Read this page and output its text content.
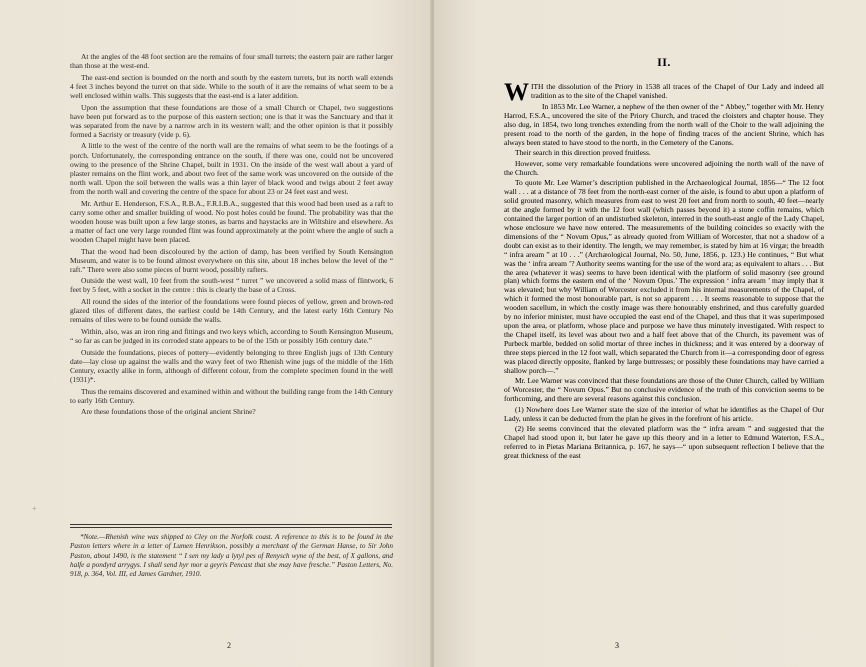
At the angles of the 48 foot section are the remains of four small turrets; the eastern pair are rather larger than those at the west-end.

The east-end section is bounded on the north and south by the eastern turrets, but its north wall extends 4 feet 3 inches beyond the turret on that side. While to the south of it are the remains of what seem to be a well enclosed within walls. This suggests that the east-end is a later addition.

Upon the assumption that these foundations are those of a small Church or Chapel, two suggestions have been put forward as to the purpose of this eastern section; one is that it was the Sanctuary and that it was separated from the nave by a narrow arch in its western wall; and the other opinion is that it possibly formed a Sacristy or treasury (vide p. 6).

A little to the west of the centre of the north wall are the remains of what seem to be the footings of a porch. Unfortunately, the corresponding entrance on the south, if there was one, could not be uncovered owing to the presence of the Shrine Chapel, built in 1931. On the inside of the west wall about a yard of plaster remains on the flint work, and about two feet of the same work was uncovered on the outside of the north wall. Upon the soil between the walls was a thin layer of black wood and twigs about 2 feet away from the north wall and covering the centre of the space for about 23 or 24 feet east and west.

Mr. Arthur E. Henderson, F.S.A., R.B.A., F.R.I.B.A., suggested that this wood had been used as a raft to carry some other and smaller building of wood. No post holes could be found. The probability was that the wooden house was built upon a few large stones, as barns and haystacks are in Wiltshire and elsewhere. As a matter of fact one very large rounded flint was found approximately at the point where the angle of such a wooden Chapel might have been placed.

That the wood had been discoloured by the action of damp, has been verified by South Kensington Museum, and water is to be found almost everywhere on this site, about 18 inches below the level of the “ raft.” There were also some pieces of burnt wood, possibly rafters.

Outside the west wall, 10 feet from the south-west “ turret ” we uncovered a solid mass of flintwork, 6 feet by 5 feet, with a socket in the centre : this is clearly the base of a Cross.

All round the sides of the interior of the foundations were found pieces of yellow, green and brown-red glazed tiles of different dates, the earliest could be 14th Century, and the latest early 16th Century No remains of tiles were to be found outside the walls.

Within, also, was an iron ring and fittings and two keys which, according to South Kensington Museum, “ so far as can be judged in its corroded state appears to be of the 15th or possibly 16th century date.”

Outside the foundations, pieces of pottery—evidently belonging to three English jugs of 13th Century date—lay close up against the walls and the wavy feet of two Rhenish wine jugs of the middle of the 16th Century, exactly alike in form, although of different colour, from the complete specimen found in the well (1931)*.

Thus the remains discovered and examined within and without the building range from the 14th Century to early 16th Century.

Are these foundations those of the original ancient Shrine?

*Note.—Rhenish wine was shipped to Cley on the Norfolk coast. A reference to this is to be found in the Paston letters where in a letter of Lumen Henrikson, possibly a merchant of the German Hanse, to Sir John Paston, about 1490, is the statement “ I sen my lady a lytyl pes of Renysch wyne of the best, of X gallons, and halfe a pondyrd arrygys. I shall send hyr mor a geyris Pencast that she may have fresche.” Paston Letters, No. 918, p. 364, Vol. III, ed James Gardner, 1910.
+
2
II.

WITH the dissolution of the Priory in 1538 all traces of the Chapel of Our Lady and indeed all tradition as to the site of the Chapel vanished.

In 1853 Mr. Lee Warner, a nephew of the then owner of the “ Abbey,” together with Mr. Henry Harrod, F.S.A., uncovered the site of the Priory Church, and traced the cloisters and chapter house. They also dug, in 1854, two long trenches extending from the north wall of the Choir to the wall adjoining the present road to the north of the garden, in the hope of finding traces of the ancient Shrine, which has always been stated to have stood to the north, in the Cemetery of the Canons.

Their search in this direction proved fruitless.

However, some very remarkable foundations were uncovered adjoining the north wall of the nave of the Church.

To quote Mr. Lee Warner’s description published in the Archaeological Journal, 1856—“ The 12 foot wall . . . at a distance of 78 feet from the north-east corner of the aisle, is found to abut upon a platform of solid grouted masonry, which measures from east to west 20 feet and from north to south, 40 feet—nearly at the angle formed by it with the 12 foot wall (which passes beyond it) a stone coffin remains, which contained the larger portion of an undisturbed skeleton, interred in the south-east angle of the Lady Chapel, whose enclosure we have now entered. The measurements of the building coincides so exactly with the dimensions of the “ Novum Opus,” as already quoted from William of Worcester, that not a shadow of a doubt can exist as to their identity. The length, we may remember, is stated by him at 16 virgæ; the breadth “ infra aream ” at 10 . . .” (Archæological Journal, No. 50, June, 1856, p. 123.) He continues, “ But what was the ‘ infra aream ’? Authority seems wanting for the use of the word ara; as equivalent to altars . . . But the area (whatever it was) seems to have been identical with the platform of solid masonry (see ground plan) which forms the eastern end of the ‘ Novum Opus.’ The expression ‘ infra aream ’ may imply that it was elevated; but why William of Worcester excluded it from his internal measurements of the Chapel, of which it formed the most honourable part, is not so apparent . . . It seems reasonable to suppose that the wooden sacellum, in which the costly image was there honourably enshrined, and thus carefully guarded by no inferior minister, must have occupied the east end of the Chapel, and thus that it was superimposed upon the area, or platform, whose place and purpose we have thus minutely investigated. With respect to the Chapel itself, its level was about two and a half feet above that of the Church, its pavement was of Purbeck marble, bedded on solid mortar of three inches in thickness; and it was entered by a doorway of three steps pierced in the 12 foot wall, which separated the Church from it—a corresponding door of egress was placed directly opposite, flanked by large buttresses; or possibly these foundations may have carried a shallow porch—.”

Mr. Lee Warner was convinced that these foundations are those of the Outer Church, called by William of Worcester, the “ Novum Opus.” But no conclusive evidence of the truth of this conviction seems to be forthcoming, and there are several reasons against this conclusion.

(1) Nowhere does Lee Warner state the size of the interior of what he identifies as the Chapel of Our Lady, unless it can be deducted from the plan he gives in the forefront of his article.

(2) He seems convinced that the elevated platform was the “ infra aream ” and suggested that the Chapel had stood upon it, but later he gave up this theory and in a letter to Edmund Waterton, F.S.A., referred to in Pietas Mariana Britannica, p. 167, he says—“ upon subsequent reflection I believe that the great thickness of the east

3
